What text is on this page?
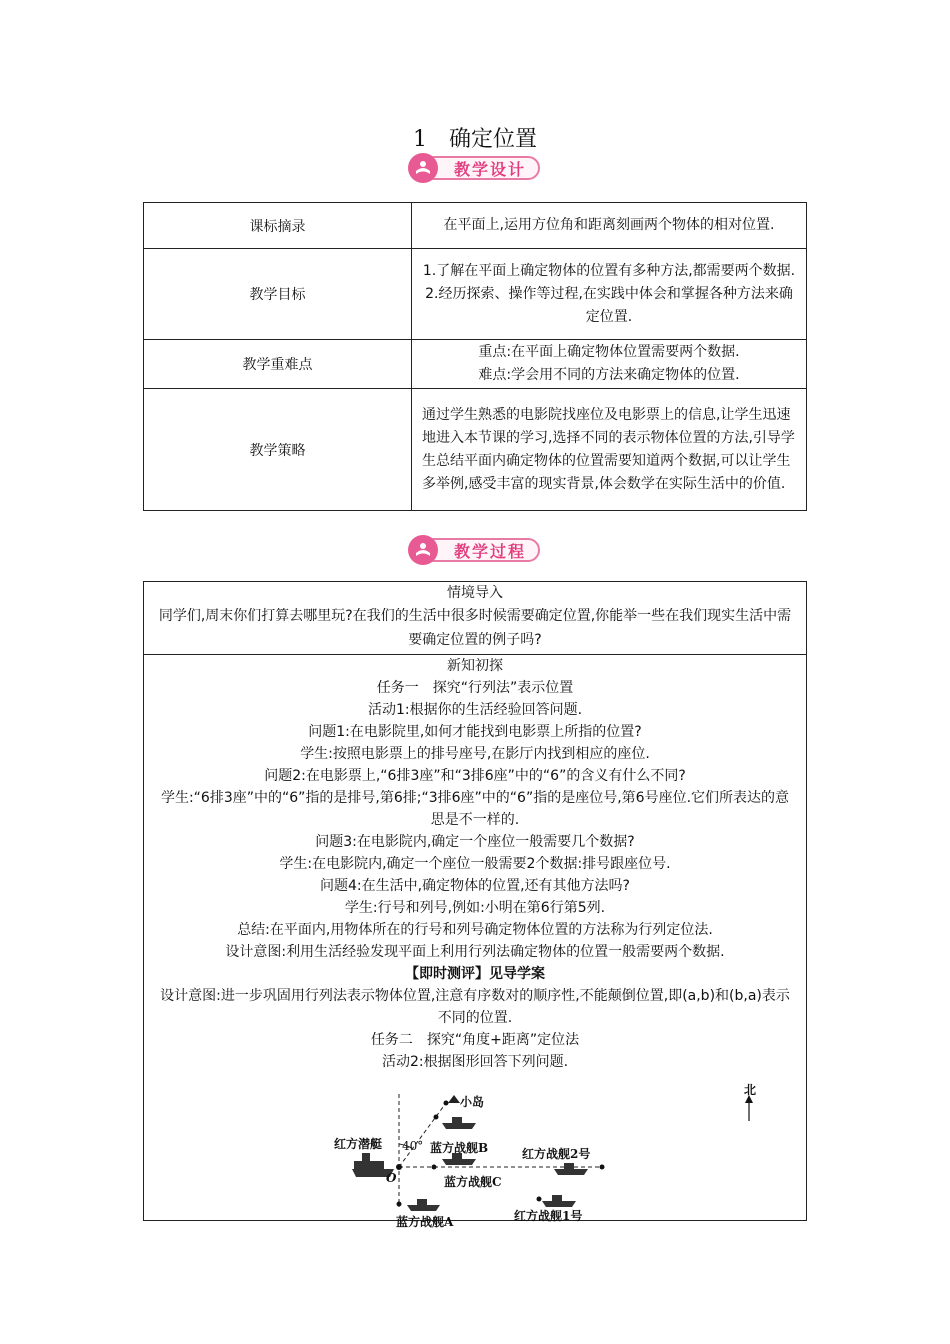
1 确定位置
教学设计
课标摘录	在平面上,运用方位角和距离刻画两个物体的相对位置.
教学目标	1.了解在平面上确定物体的位置有多种方法,都需要两个数据.
2.经历探索、操作等过程,在实践中体会和掌握各种方法来确定位置.

教学重难点	重点:在平面上确定物体位置需要两个数据.
难点:学会用不同的方法来确定物体的位置.

教学策略	通过学生熟悉的电影院找座位及电影票上的信息,让学生迅速地进入本节课的学习,选择不同的表示物体位置的方法,引导学生总结平面内确定物体的位置需要知道两个数据,可以让学生多举例,感受丰富的现实背景,体会数学在实际生活中的价值.
教学过程
情境导入
同学们,周末你们打算去哪里玩?在我们的生活中很多时候需要确定位置,你能举一些在我们现实生活中需要确定位置的例子吗?
新知初探
任务一　探究“行列法”表示位置
活动1:根据你的生活经验回答问题.
问题1:在电影院里,如何才能找到电影票上所指的位置?
学生:按照电影票上的排号座号,在影厅内找到相应的座位.
问题2:在电影票上,“6排3座”和“3排6座”中的“6”的含义有什么不同?
学生:“6排3座”中的“6”指的是排号,第6排;“3排6座”中的“6”指的是座位号,第6号座位.它们所表达的意思是不一样的.
问题3:在电影院内,确定一个座位一般需要几个数据?
学生:在电影院内,确定一个座位一般需要2个数据:排号跟座位号.
问题4:在生活中,确定物体的位置,还有其他方法吗?
学生:行号和列号,例如:小明在第6行第5列.
总结:在平面内,用物体所在的行号和列号确定物体位置的方法称为行列定位法.
设计意图:利用生活经验发现平面上利用行列法确定物体的位置一般需要两个数据.
【即时测评】见导学案
设计意图:进一步巩固用行列法表示物体位置,注意有序数对的顺序性,不能颠倒位置,即(a,b)和(b,a)表示不同的位置.
任务二　探究“角度+距离”定位法
活动2:根据图形回答下列问题.
北
小岛
红方潜艇 40°
O
蓝方战舰B
蓝方战舰C
蓝方战舰A
红方战舰2号
红方战舰1号
